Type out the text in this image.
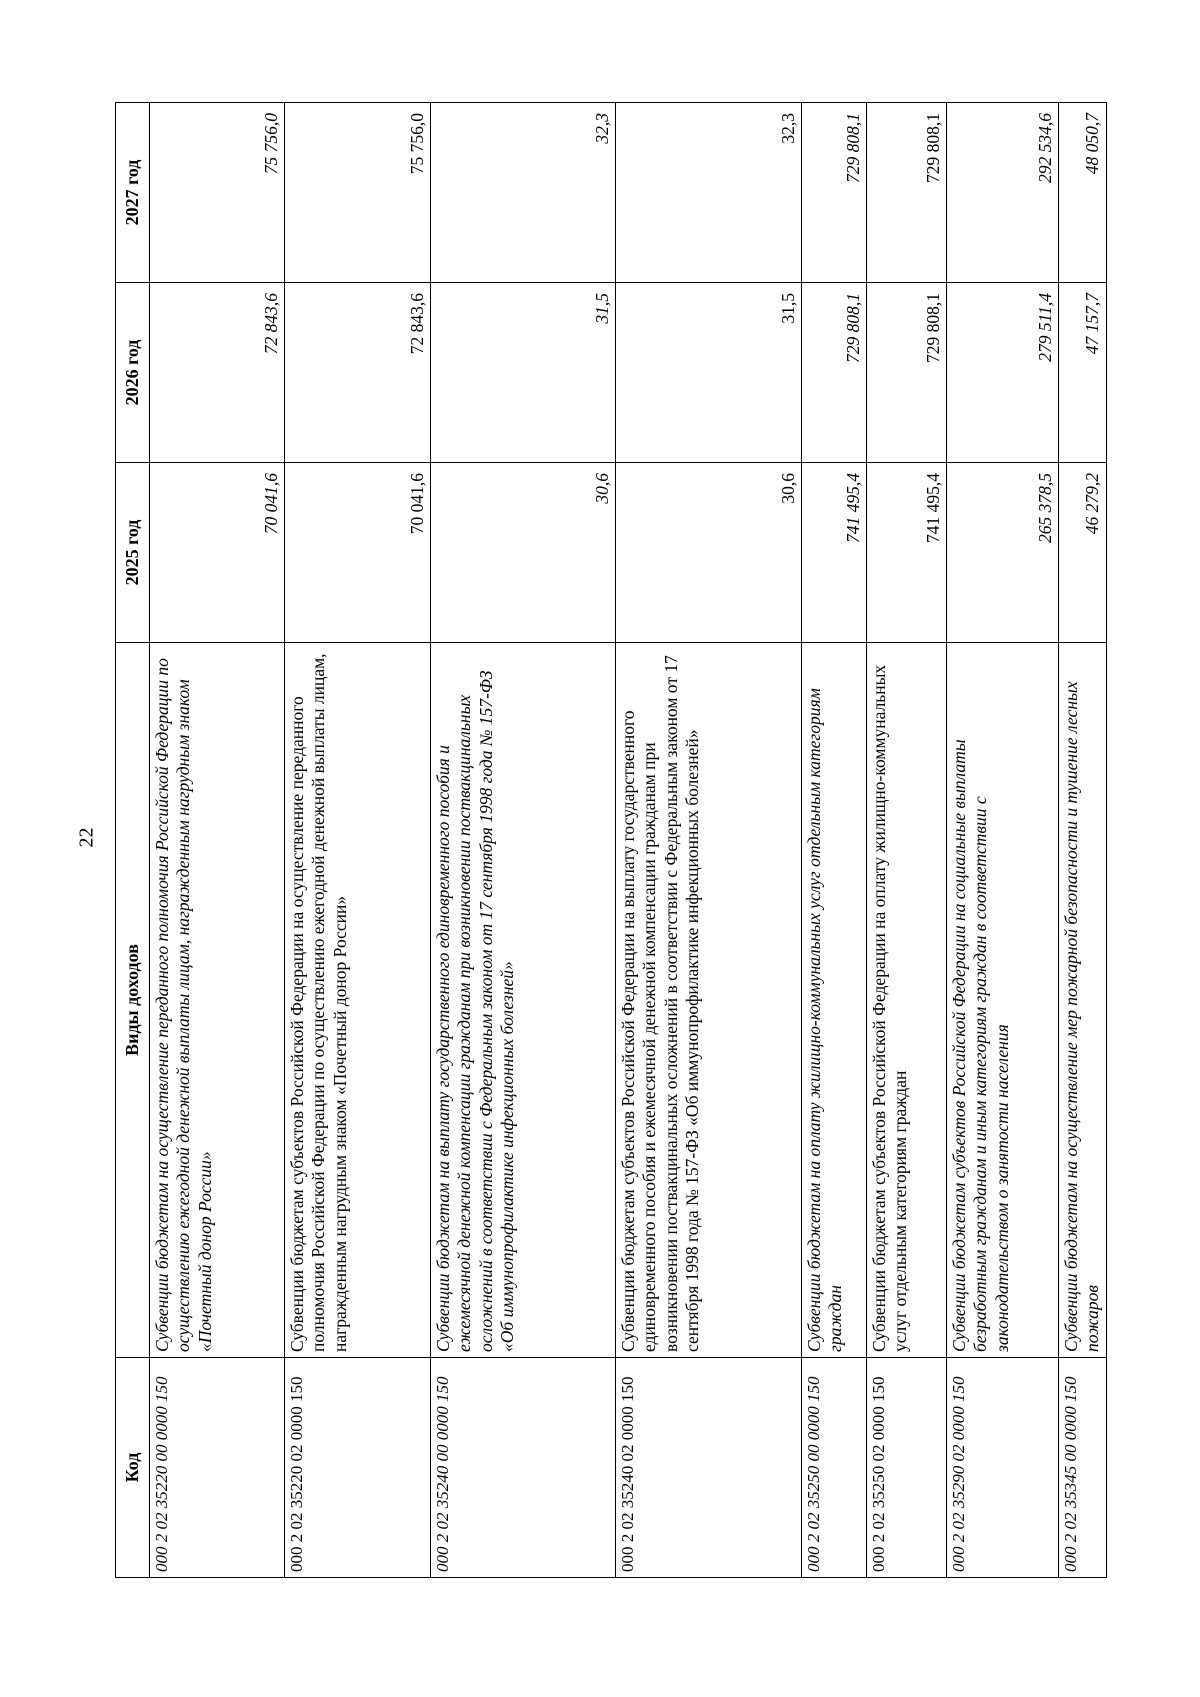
22
Код	Виды доходов	2025 год	2026 год	2027 год
000 2 02 35220 00 0000 150	Субвенции бюджетам на осуществление переданного полномочия Российской Федерации по осуществлению ежегодной денежной выплаты лицам, награжденным нагрудным знаком «Почетный донор России»	70 041,6	72 843,6	75 756,0
000 2 02 35220 02 0000 150	Субвенции бюджетам субъектов Российской Федерации на осуществление переданного полномочия Российской Федерации по осуществлению ежегодной денежной выплаты лицам, награжденным нагрудным знаком «Почетный донор России»	70 041,6	72 843,6	75 756,0
000 2 02 35240 00 0000 150	Субвенции бюджетам на выплату государственного единовременного пособия и ежемесячной денежной компенсации гражданам при возникновении поствакцинальных осложнений в соответствии с Федеральным законом от 17 сентября 1998 года № 157-ФЗ «Об иммунопрофилактике инфекционных болезней»	30,6	31,5	32,3
000 2 02 35240 02 0000 150	Субвенции бюджетам субъектов Российской Федерации на выплату государственного единовременного пособия и ежемесячной денежной компенсации гражданам при возникновении поствакцинальных осложнений в соответствии с Федеральным законом от 17 сентября 1998 года № 157-ФЗ «Об иммунопрофилактике инфекционных болезней»	30,6	31,5	32,3
000 2 02 35250 00 0000 150	Субвенции бюджетам на оплату жилищно-коммунальных услуг отдельным категориям граждан	741 495,4	729 808,1	729 808,1
000 2 02 35250 02 0000 150	Субвенции бюджетам субъектов Российской Федерации на оплату жилищно-коммунальных услуг отдельным категориям граждан	741 495,4	729 808,1	729 808,1
000 2 02 35290 02 0000 150	Субвенции бюджетам субъектов Российской Федерации на социальные выплаты безработным гражданам и иным категориям граждан в соответствии с законодательством о занятости населения	265 378,5	279 511,4	292 534,6
000 2 02 35345 00 0000 150	Субвенции бюджетам на осуществление мер пожарной безопасности и тушение лесных пожаров	46 279,2	47 157,7	48 050,7
